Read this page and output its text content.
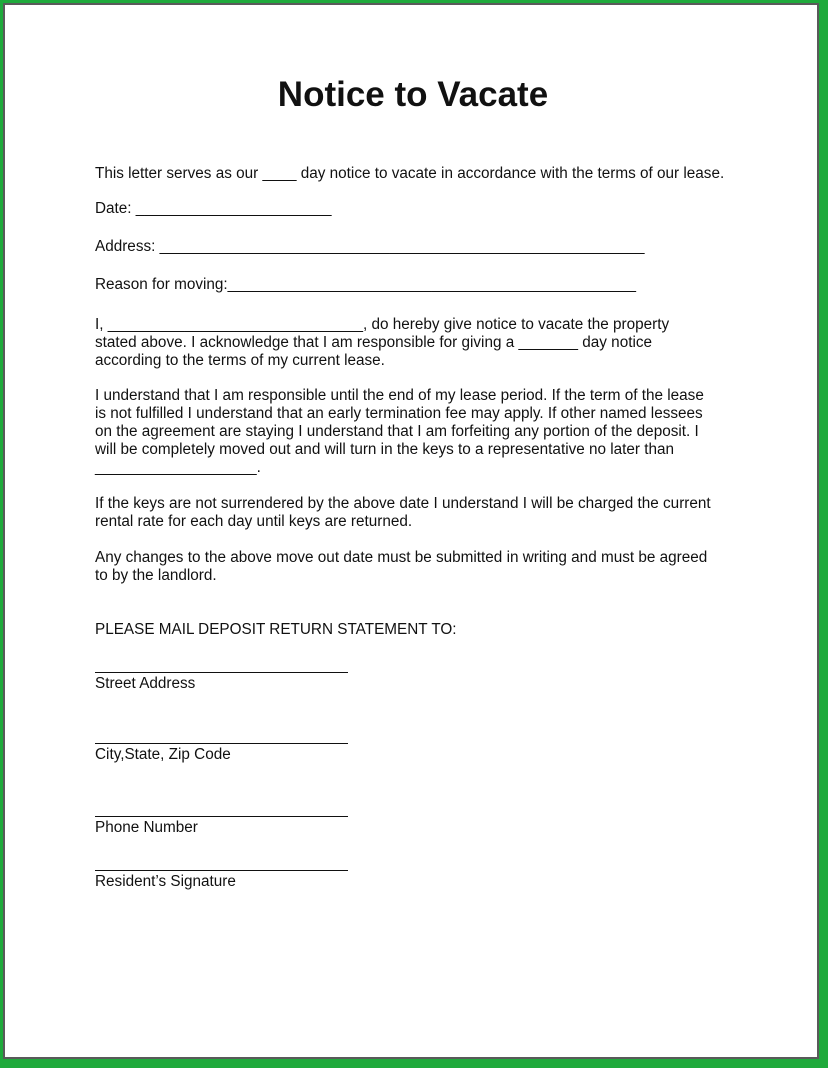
Notice to Vacate

This letter serves as our ____ day notice to vacate in accordance with the terms of our lease.

Date: _______________________

Address: _________________________________________________________

Reason for moving:________________________________________________

I, ______________________________, do hereby give notice to vacate the property
stated above. I acknowledge that I am responsible for giving a _______ day notice
according to the terms of my current lease.
I understand that I am responsible until the end of my lease period. If the term of the lease
is not fulfilled I understand that an early termination fee may apply. If other named lessees
on the agreement are staying I understand that I am forfeiting any portion of the deposit. I
will be completely moved out and will turn in the keys to a representative no later than
___________________.
If the keys are not surrendered by the above date I understand I will be charged the current
rental rate for each day until keys are returned.
Any changes to the above move out date must be submitted in writing and must be agreed
to by the landlord.

PLEASE MAIL DEPOSIT RETURN STATEMENT TO:

Street Address

City,State, Zip Code

Phone Number

Resident’s Signature
